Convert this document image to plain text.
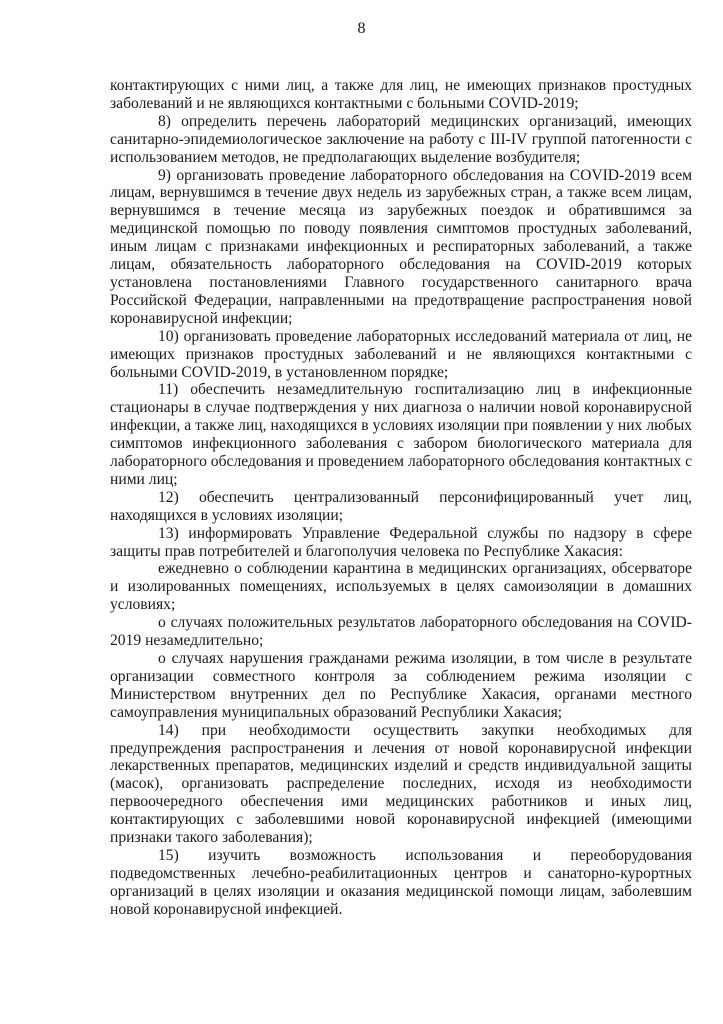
8

контактирующих с ними лиц, а также для лиц, не имеющих признаков простудных заболеваний и не являющихся контактными с больными COVID-2019;

8) определить перечень лабораторий медицинских организаций, имеющих санитарно-эпидемиологическое заключение на работу с III-IV группой патогенности с использованием методов, не предполагающих выделение возбудителя;

9) организовать проведение лабораторного обследования на COVID-2019 всем лицам, вернувшимся в течение двух недель из зарубежных стран, а также всем лицам, вернувшимся в течение месяца из зарубежных поездок и обратившимся за медицинской помощью по поводу появления симптомов простудных заболеваний, иным лицам с признаками инфекционных и респираторных заболеваний, а также лицам, обязательность лабораторного обследования на COVID-2019 которых установлена постановлениями Главного государственного санитарного врача Российской Федерации, направленными на предотвращение распространения новой коронавирусной инфекции;

10) организовать проведение лабораторных исследований материала от лиц, не имеющих признаков простудных заболеваний и не являющихся контактными с больными COVID-2019, в установленном порядке;

11) обеспечить незамедлительную госпитализацию лиц в инфекционные стационары в случае подтверждения у них диагноза о наличии новой коронавирусной инфекции, а также лиц, находящихся в условиях изоляции при появлении у них любых симптомов инфекционного заболевания с забором биологического материала для лабораторного обследования и проведением лабораторного обследования контактных с ними лиц;

12) обеспечить централизованный персонифицированный учет лиц, находящихся в условиях изоляции;

13) информировать Управление Федеральной службы по надзору в сфере защиты прав потребителей и благополучия человека по Республике Хакасия:

ежедневно о соблюдении карантина в медицинских организациях, обсерваторе и изолированных помещениях, используемых в целях самоизоляции в домашних условиях;

о случаях положительных результатов лабораторного обследования на COVID-2019 незамедлительно;

о случаях нарушения гражданами режима изоляции, в том числе в результате организации совместного контроля за соблюдением режима изоляции с Министерством внутренних дел по Республике Хакасия, органами местного самоуправления муниципальных образований Республики Хакасия;

14) при необходимости осуществить закупки необходимых для предупреждения распространения и лечения от новой коронавирусной инфекции лекарственных препаратов, медицинских изделий и средств индивидуальной защиты (масок), организовать распределение последних, исходя из необходимости первоочередного обеспечения ими медицинских работников и иных лиц, контактирующих с заболевшими новой коронавирусной инфекцией (имеющими признаки такого заболевания);

15) изучить возможность использования и переоборудования подведомственных лечебно-реабилитационных центров и санаторно-курортных организаций в целях изоляции и оказания медицинской помощи лицам, заболевшим новой коронавирусной инфекцией.
